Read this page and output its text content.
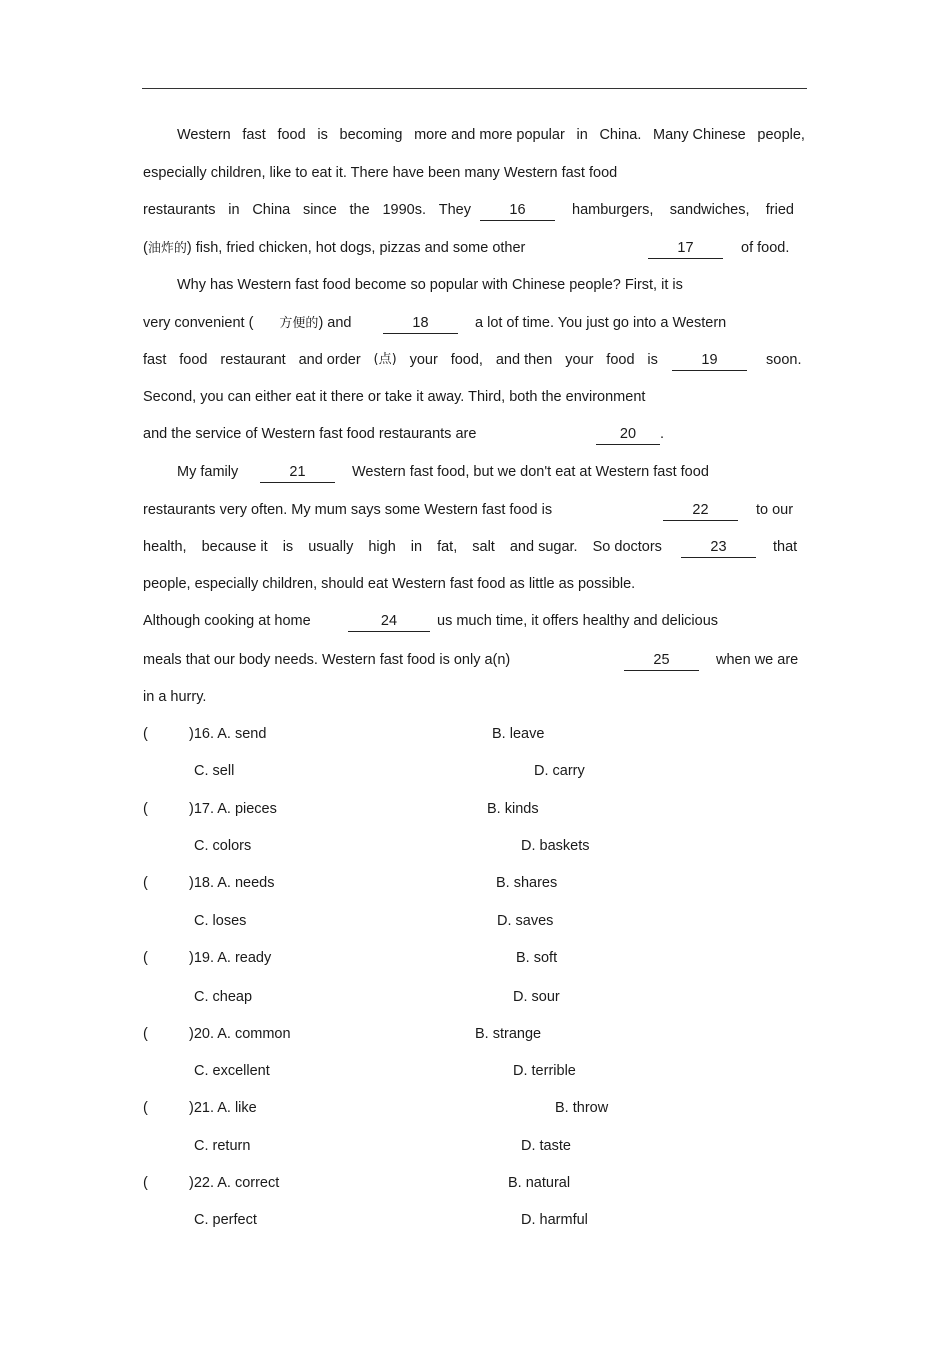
Western fast food is becoming more and more popular in China. Many Chinese people,
especially children, like to eat it. There have been many Western fast food
restaurants in China since the 1990s. They	16	hamburgers, sandwiches, fried
(油炸的) fish, fried chicken, hot dogs, pizzas and some other	17	of food.
Why has Western fast food become so popular with Chinese people? First, it is
very convenient ( 方便的) and	18	a lot of time. You just go into a Western
fast food restaurant and order (点) your food, and then your food is	19	soon.
Second, you can either eat it there or take it away. Third, both the environment
and the service of Western fast food restaurants are	20	.
My family	21	Western fast food, but we don't eat at Western fast food
restaurants very often. My mum says some Western fast food is	22	to our
health, because it is usually high in fat, salt and sugar. So doctors	23	that
people, especially children, should eat Western fast food as little as possible.
Although cooking at home	24	us much time, it offers healthy and delicious
meals that our body needs. Western fast food is only a(n)	25	when we are
in a hurry.
(	)16. A. send	B. leave
C. sell	D. carry
(	)17. A. pieces	B. kinds
C. colors	D. baskets
(	)18. A. needs	B. shares
C. loses	D. saves
(	)19. A. ready	B. soft
C. cheap	D. sour
(	)20. A. common	B. strange
C. excellent	D. terrible
(	)21. A. like	B. throw
C. return	D. taste
(	)22. A. correct	B. natural
C. perfect	D. harmful
